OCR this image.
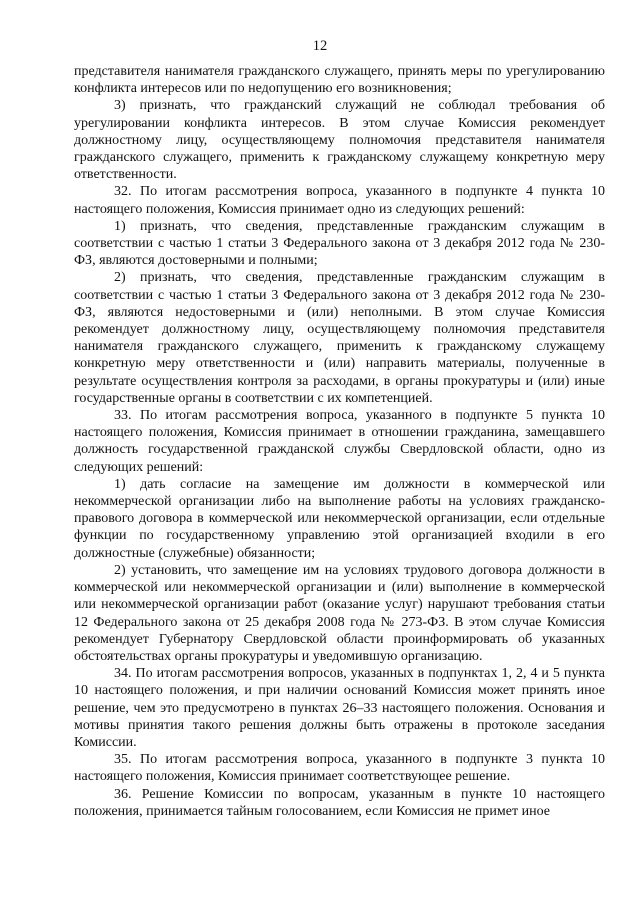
12

представителя нанимателя гражданского служащего, принять меры по урегулированию конфликта интересов или по недопущению его возникновения;

3) признать, что гражданский служащий не соблюдал требования об урегулировании конфликта интересов. В этом случае Комиссия рекомендует должностному лицу, осуществляющему полномочия представителя нанимателя гражданского служащего, применить к гражданскому служащему конкретную меру ответственности.

32. По итогам рассмотрения вопроса, указанного в подпункте 4 пункта 10 настоящего положения, Комиссия принимает одно из следующих решений:

1) признать, что сведения, представленные гражданским служащим в соответствии с частью 1 статьи 3 Федерального закона от 3 декабря 2012 года № 230-ФЗ, являются достоверными и полными;

2) признать, что сведения, представленные гражданским служащим в соответствии с частью 1 статьи 3 Федерального закона от 3 декабря 2012 года № 230-ФЗ, являются недостоверными и (или) неполными. В этом случае Комиссия рекомендует должностному лицу, осуществляющему полномочия представителя нанимателя гражданского служащего, применить к гражданскому служащему конкретную меру ответственности и (или) направить материалы, полученные в результате осуществления контроля за расходами, в органы прокуратуры и (или) иные государственные органы в соответствии с их компетенцией.

33. По итогам рассмотрения вопроса, указанного в подпункте 5 пункта 10 настоящего положения, Комиссия принимает в отношении гражданина, замещавшего должность государственной гражданской службы Свердловской области, одно из следующих решений:

1) дать согласие на замещение им должности в коммерческой или некоммерческой организации либо на выполнение работы на условиях гражданско-правового договора в коммерческой или некоммерческой организации, если отдельные функции по государственному управлению этой организацией входили в его должностные (служебные) обязанности;

2) установить, что замещение им на условиях трудового договора должности в коммерческой или некоммерческой организации и (или) выполнение в коммерческой или некоммерческой организации работ (оказание услуг) нарушают требования статьи 12 Федерального закона от 25 декабря 2008 года № 273-ФЗ. В этом случае Комиссия рекомендует Губернатору Свердловской области проинформировать об указанных обстоятельствах органы прокуратуры и уведомившую организацию.

34. По итогам рассмотрения вопросов, указанных в подпунктах 1, 2, 4 и 5 пункта 10 настоящего положения, и при наличии оснований Комиссия может принять иное решение, чем это предусмотрено в пунктах 26–33 настоящего положения. Основания и мотивы принятия такого решения должны быть отражены в протоколе заседания Комиссии.

35. По итогам рассмотрения вопроса, указанного в подпункте 3 пункта 10 настоящего положения, Комиссия принимает соответствующее решение.

36. Решение Комиссии по вопросам, указанным в пункте 10 настоящего положения, принимается тайным голосованием, если Комиссия не примет иное
